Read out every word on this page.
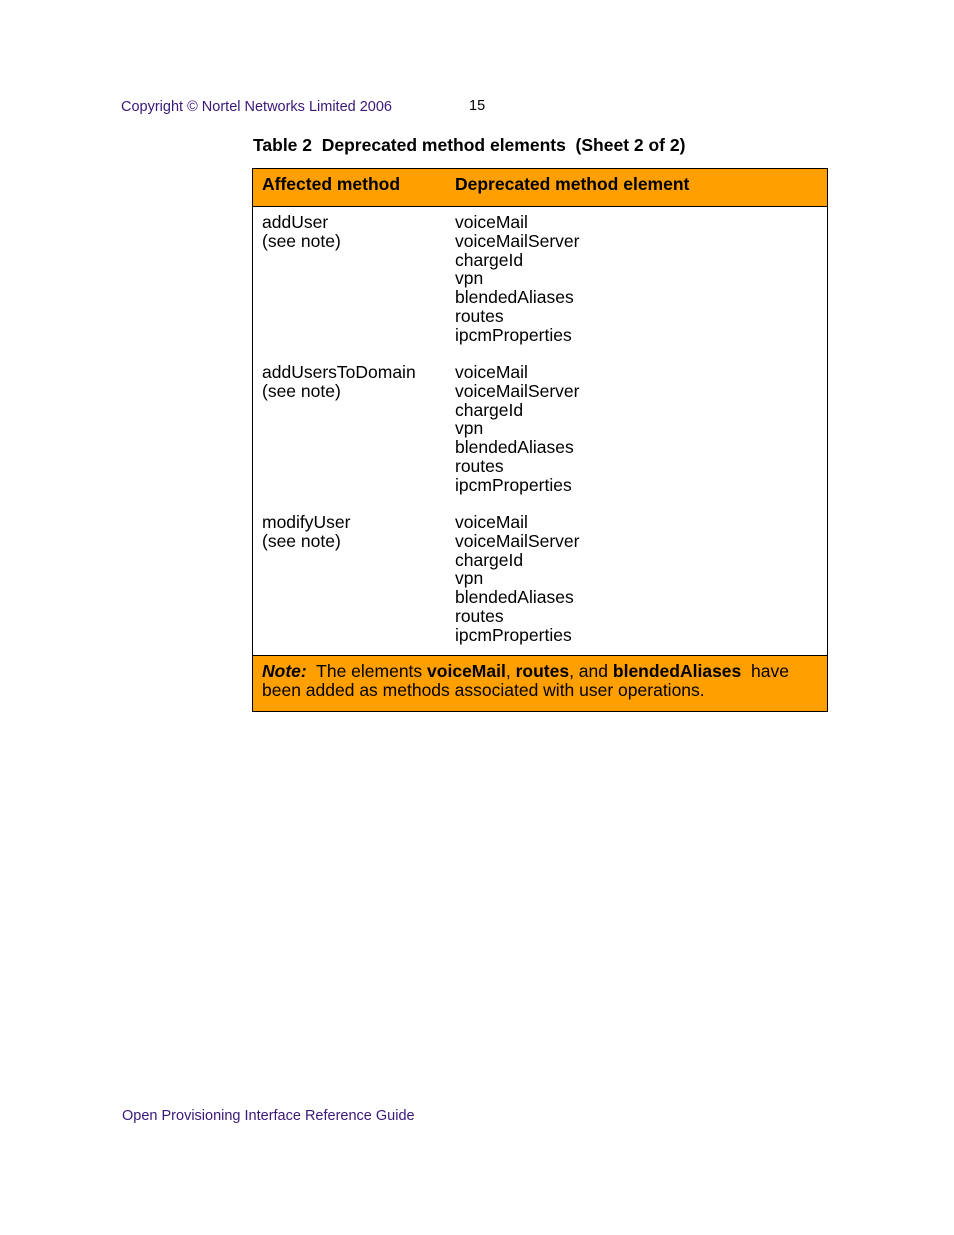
Copyright © Nortel Networks Limited 2006	15
Table 2  Deprecated method elements  (Sheet 2 of 2)
Affected method	Deprecated method element
addUser
(see note)
voiceMail
voiceMailServer
chargeId
vpn
blendedAliases
routes
ipcmProperties
addUsersToDomain
(see note)
voiceMail
voiceMailServer
chargeId
vpn
blendedAliases
routes
ipcmProperties
modifyUser
(see note)
voiceMail
voiceMailServer
chargeId
vpn
blendedAliases
routes
ipcmProperties
Note: The elements voiceMail, routes, and blendedAliases have been added as methods associated with user operations.
Open Provisioning Interface Reference Guide
